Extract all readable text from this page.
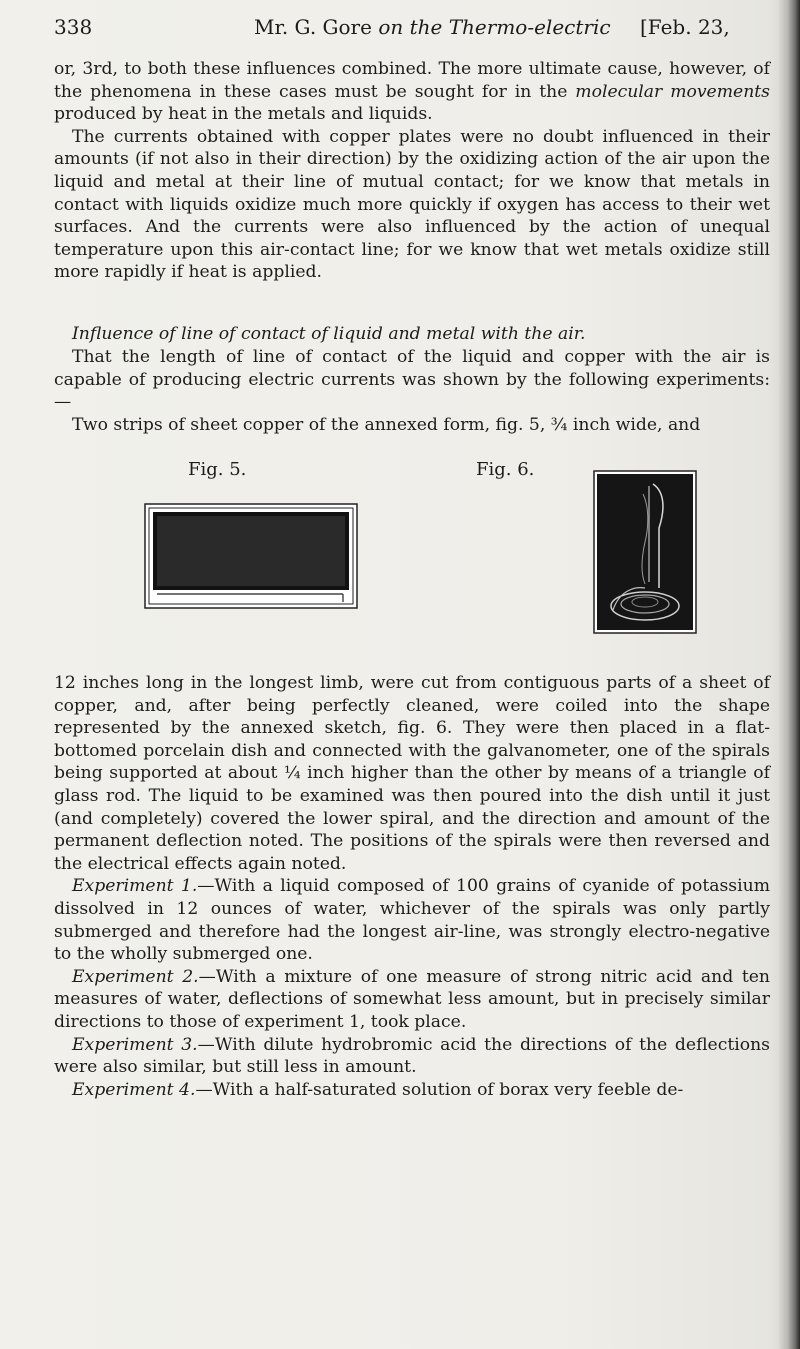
338	Mr. G. Gore on the Thermo-electric [Feb. 23,

or, 3rd, to both these influences combined. The more ultimate cause, however, of the phenomena in these cases must be sought for in the molecular movements produced by heat in the metals and liquids.

The currents obtained with copper plates were no doubt influenced in their amounts (if not also in their direction) by the oxidizing action of the air upon the liquid and metal at their line of mutual contact; for we know that metals in contact with liquids oxidize much more quickly if oxygen has access to their wet surfaces. And the currents were also influenced by the action of unequal temperature upon this air-contact line; for we know that wet metals oxidize still more rapidly if heat is applied.

Influence of line of contact of liquid and metal with the air.

That the length of line of contact of the liquid and copper with the air is capable of producing electric currents was shown by the following experiments:—

Two strips of sheet copper of the annexed form, fig. 5, ¾ inch wide, and

Fig. 5.	Fig. 6.

12 inches long in the longest limb, were cut from contiguous parts of a sheet of copper, and, after being perfectly cleaned, were coiled into the shape represented by the annexed sketch, fig. 6. They were then placed in a flat-bottomed porcelain dish and connected with the galvanometer, one of the spirals being supported at about ¼ inch higher than the other by means of a triangle of glass rod. The liquid to be examined was then poured into the dish until it just (and completely) covered the lower spiral, and the direction and amount of the permanent deflection noted. The positions of the spirals were then reversed and the electrical effects again noted.

Experiment 1.—With a liquid composed of 100 grains of cyanide of potassium dissolved in 12 ounces of water, whichever of the spirals was only partly submerged and therefore had the longest air-line, was strongly electro-negative to the wholly submerged one.

Experiment 2.—With a mixture of one measure of strong nitric acid and ten measures of water, deflections of somewhat less amount, but in precisely similar directions to those of experiment 1, took place.

Experiment 3.—With dilute hydrobromic acid the directions of the deflections were also similar, but still less in amount.

Experiment 4.—With a half-saturated solution of borax very feeble de-
